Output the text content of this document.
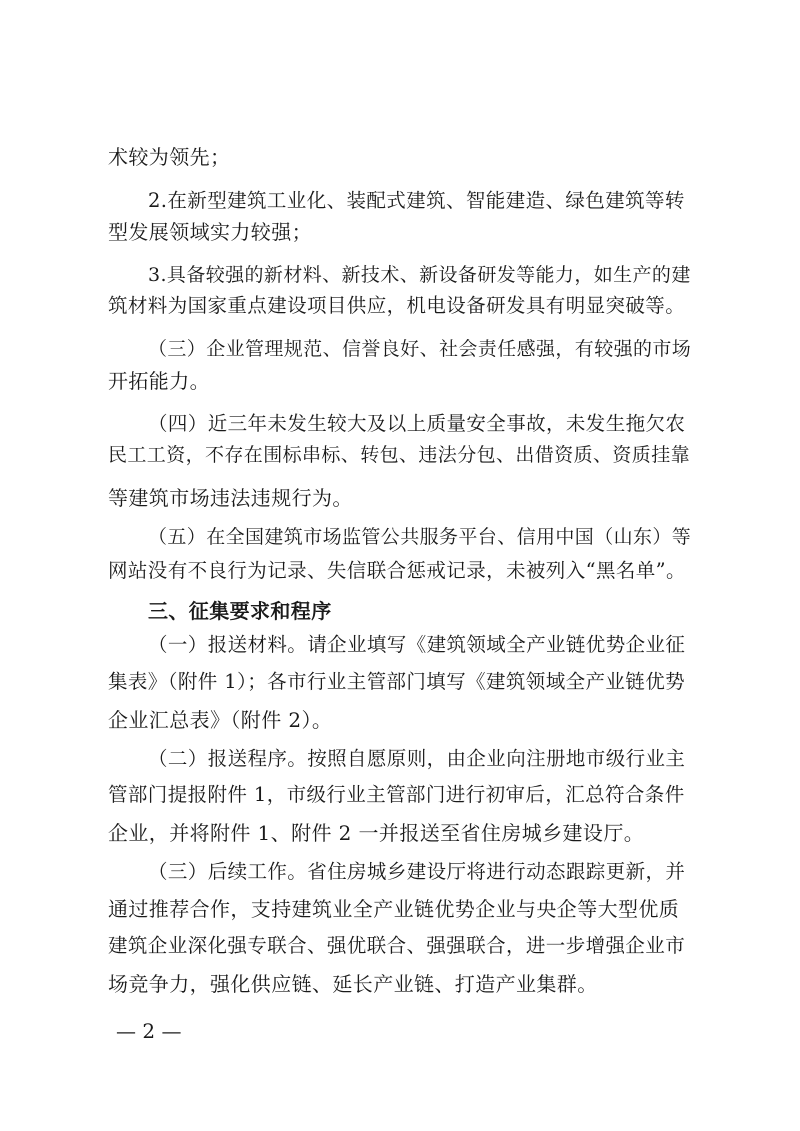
术较为领先；
2.在新型建筑工业化、装配式建筑、智能建造、绿色建筑等转
型发展领域实力较强；
3.具备较强的新材料、新技术、新设备研发等能力，如生产的建
筑材料为国家重点建设项目供应，机电设备研发具有明显突破等。
（三）企业管理规范、信誉良好、社会责任感强，有较强的市场
开拓能力。
（四）近三年未发生较大及以上质量安全事故，未发生拖欠农
民工工资，不存在围标串标、转包、违法分包、出借资质、资质挂靠
等建筑市场违法违规行为。
（五）在全国建筑市场监管公共服务平台、信用中国（山东）等
网站没有不良行为记录、失信联合惩戒记录，未被列入“黑名单”。
三、征集要求和程序
（一）报送材料。请企业填写《建筑领域全产业链优势企业征
集表》（附件 1）；各市行业主管部门填写《建筑领域全产业链优势
企业汇总表》（附件 2）。
（二）报送程序。按照自愿原则，由企业向注册地市级行业主
管部门提报附件 1，市级行业主管部门进行初审后，汇总符合条件
企业，并将附件 1、附件 2 一并报送至省住房城乡建设厅。
（三）后续工作。省住房城乡建设厅将进行动态跟踪更新，并
通过推荐合作，支持建筑业全产业链优势企业与央企等大型优质
建筑企业深化强专联合、强优联合、强强联合，进一步增强企业市
场竞争力，强化供应链、延长产业链、打造产业集群。
— 2 —
